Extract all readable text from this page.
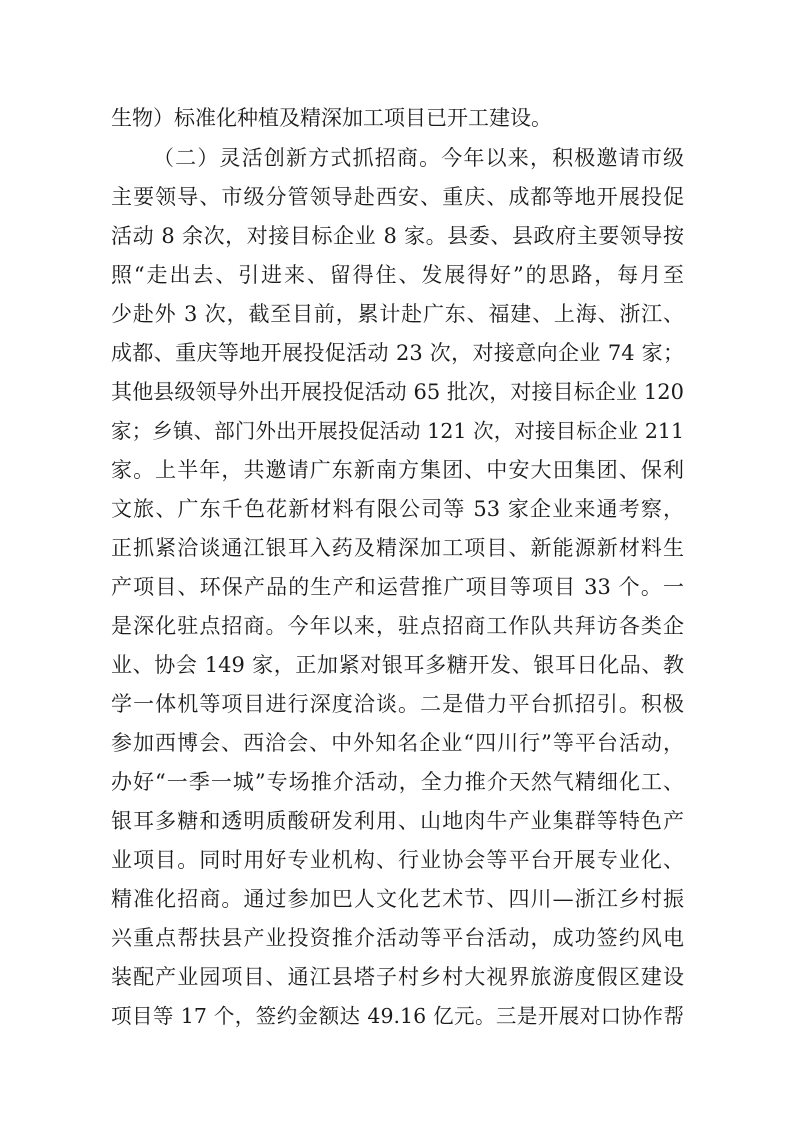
生物）标准化种植及精深加工项目已开工建设。
（二）灵活创新方式抓招商。今年以来，积极邀请市级
主要领导、市级分管领导赴西安、重庆、成都等地开展投促
活动 8 余次，对接目标企业 8 家。县委、县政府主要领导按
照“走出去、引进来、留得住、发展得好”的思路，每月至
少赴外 3 次，截至目前，累计赴广东、福建、上海、浙江、
成都、重庆等地开展投促活动 23 次，对接意向企业 74 家；
其他县级领导外出开展投促活动 65 批次，对接目标企业 120
家；乡镇、部门外出开展投促活动 121 次，对接目标企业 211
家。上半年，共邀请广东新南方集团、中安大田集团、保利
文旅、广东千色花新材料有限公司等 53 家企业来通考察，
正抓紧洽谈通江银耳入药及精深加工项目、新能源新材料生
产项目、环保产品的生产和运营推广项目等项目 33 个。一
是深化驻点招商。今年以来，驻点招商工作队共拜访各类企
业、协会 149 家，正加紧对银耳多糖开发、银耳日化品、教
学一体机等项目进行深度洽谈。二是借力平台抓招引。积极
参加西博会、西洽会、中外知名企业“四川行”等平台活动，
办好“一季一城”专场推介活动，全力推介天然气精细化工、
银耳多糖和透明质酸研发利用、山地肉牛产业集群等特色产
业项目。同时用好专业机构、行业协会等平台开展专业化、
精准化招商。通过参加巴人文化艺术节、四川—浙江乡村振
兴重点帮扶县产业投资推介活动等平台活动，成功签约风电
装配产业园项目、通江县塔子村乡村大视界旅游度假区建设
项目等 17 个，签约金额达 49.16 亿元。三是开展对口协作帮
